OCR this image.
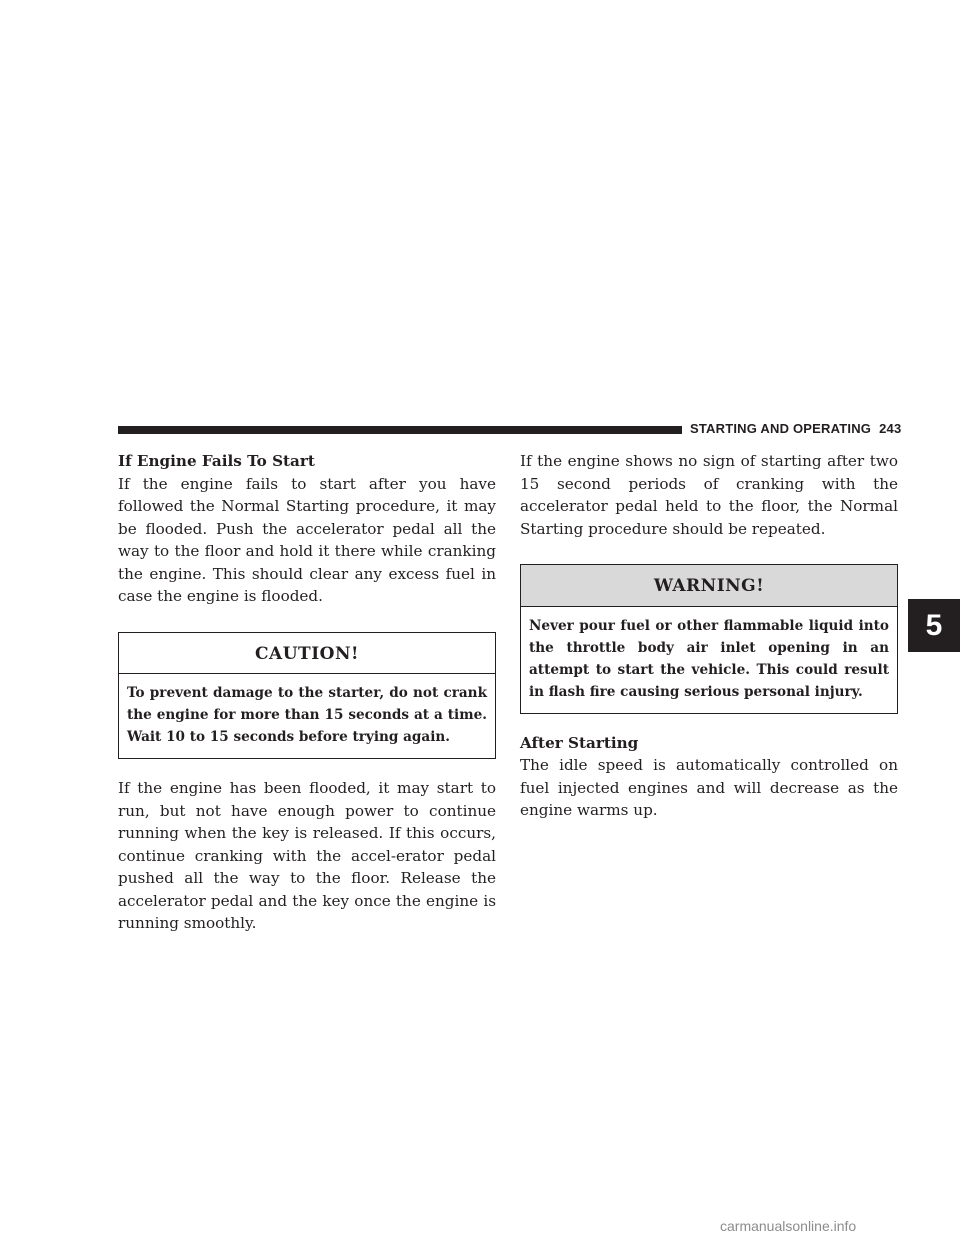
STARTING AND OPERATING 243

If Engine Fails To Start

If the engine fails to start after you have followed the Normal Starting procedure, it may be flooded. Push the accelerator pedal all the way to the floor and hold it there while cranking the engine. This should clear any excess fuel in case the engine is flooded.

CAUTION!
To prevent damage to the starter, do not crank the engine for more than 15 seconds at a time. Wait 10 to 15 seconds before trying again.

If the engine has been flooded, it may start to run, but not have enough power to continue running when the key is released. If this occurs, continue cranking with the accel-erator pedal pushed all the way to the floor. Release the accelerator pedal and the key once the engine is running smoothly.

If the engine shows no sign of starting after two 15 second periods of cranking with the accelerator pedal held to the floor, the Normal Starting procedure should be repeated.

WARNING!
Never pour fuel or other flammable liquid into the throttle body air inlet opening in an attempt to start the vehicle. This could result in flash fire causing serious personal injury.

After Starting

The idle speed is automatically controlled on fuel injected engines and will decrease as the engine warms up.

5
carmanualsonline.info
